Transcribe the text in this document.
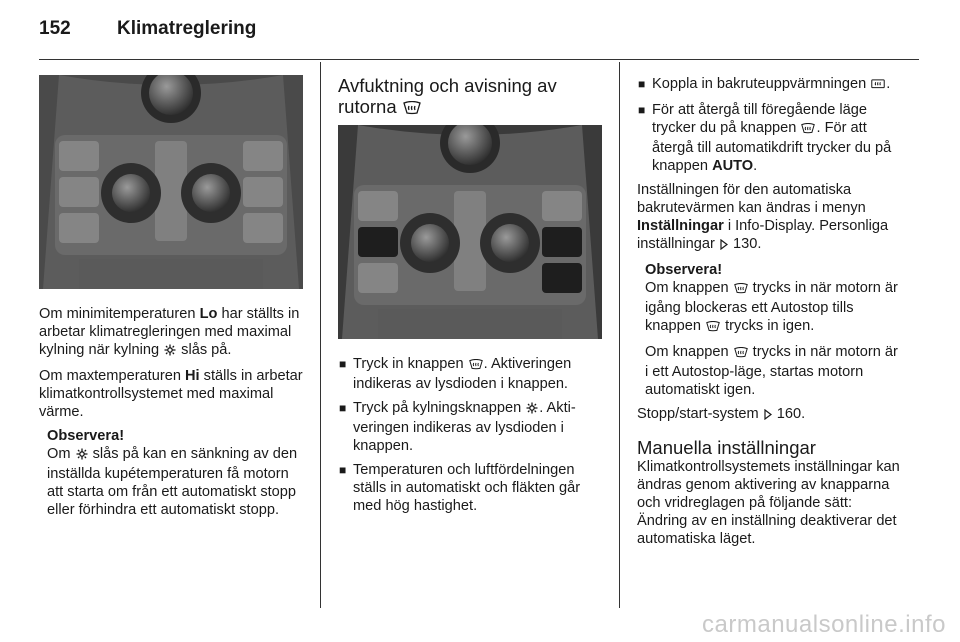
152 Klimatreglering

Om minimitemperaturen Lo har ställts in arbetar klimatregleringen med maximal kylning när kylning  slås på.

Om maxtemperaturen Hi ställs in arbetar klimatkontrollsystemet med maximal värme.

Observera!
Om  slås på kan en sänkning av den inställda kupétemperaturen få motorn att starta om från ett automatiskt stopp eller förhindra ett automatiskt stopp.
Avfuktning och avisning av rutorna
■ Tryck in knappen . Aktiveringen indikeras av lysdioden i knappen.
■ Tryck på kylningsknappen . Aktiveringen indikeras av lysdioden i knappen.
■ Temperaturen och luftfördelningen ställs in automatiskt och fläkten går med hög hastighet.
■ Koppla in bakruteuppvärmningen .
■ För att återgå till föregående läge trycker du på knappen . För att återgå till automatikdrift trycker du på knappen AUTO.

Inställningen för den automatiska bakrutevärmen kan ändras i menyn Inställningar i Info-Display. Personliga inställningar  130.

Observera!

Om knappen  trycks in när motorn är igång blockeras ett Autostop tills knappen  trycks in igen.

Om knappen  trycks in när motorn är i ett Autostop-läge, startas motorn automatiskt igen.

Stopp/start-system  160.

Manuella inställningar

Klimatkontrollsystemets inställningar kan ändras genom aktivering av knapparna och vridreglagen på följande sätt: Ändring av en inställning deaktiverar det automatiska läget.

carmanualsonline.info
